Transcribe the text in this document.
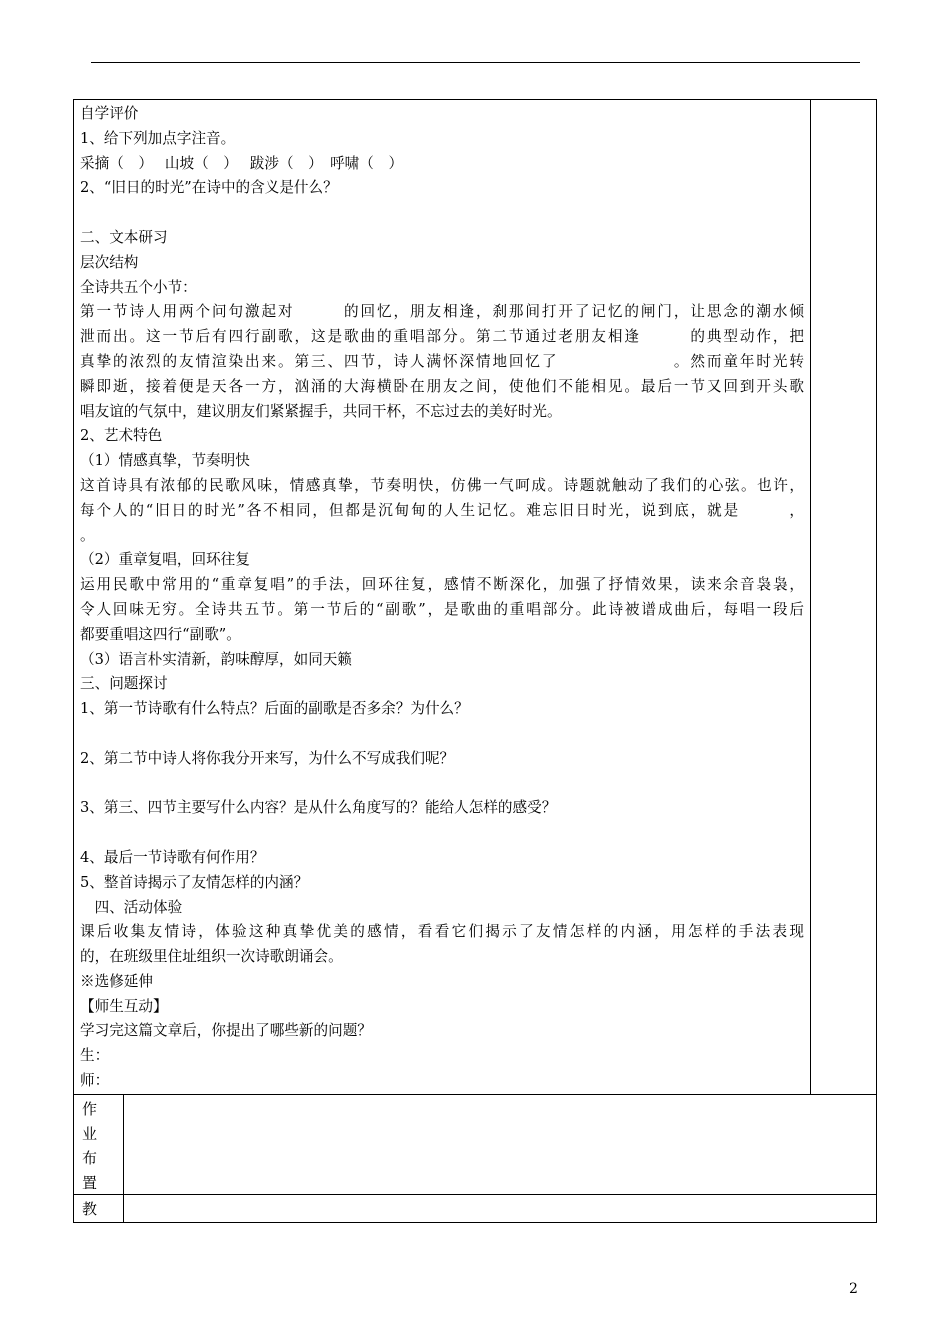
自学评价
1、给下列加点字注音。
采摘（　）　 山坡（　）　 跋涉（　）　呼啸（　）
2、“旧日的时光”在诗中的含义是什么？
二、文本研习
层次结构
全诗共五个小节：
第一节诗人用两个问句激起对　　　的回忆，朋友相逢，刹那间打开了记忆的闸门，让思念的潮水倾
泄而出。这一节后有四行副歌，这是歌曲的重唱部分。第二节通过老朋友相逢　　　的典型动作，把
真挚的浓烈的友情渲染出来。第三、四节，诗人满怀深情地回忆了　　　　　　　。然而童年时光转
瞬即逝，接着便是天各一方，汹涌的大海横卧在朋友之间，使他们不能相见。最后一节又回到开头歌
唱友谊的气氛中，建议朋友们紧紧握手，共同干杯，不忘过去的美好时光。
2、艺术特色
（1）情感真挚，节奏明快
这首诗具有浓郁的民歌风味，情感真挚，节奏明快，仿佛一气呵成。诗题就触动了我们的心弦。也许，
每个人的“旧日的时光”各不相同，但都是沉甸甸的人生记忆。难忘旧日时光，说到底，就是　　　，
。
（2）重章复唱，回环往复
运用民歌中常用的“重章复唱”的手法，回环往复，感情不断深化，加强了抒情效果，读来余音袅袅，
令人回味无穷。全诗共五节。第一节后的“副歌”，是歌曲的重唱部分。此诗被谱成曲后，每唱一段后
都要重唱这四行“副歌”。
（3）语言朴实清新，韵味醇厚，如同天籁
三、问题探讨
1、第一节诗歌有什么特点？后面的副歌是否多余？为什么？
2、第二节中诗人将你我分开来写，为什么不写成我们呢？
3、第三、四节主要写什么内容？是从什么角度写的？能给人怎样的感受？
4、最后一节诗歌有何作用？
5、整首诗揭示了友情怎样的内涵？
　四、活动体验
课后收集友情诗，体验这种真挚优美的感情，看看它们揭示了友情怎样的内涵，用怎样的手法表现
的，在班级里住址组织一次诗歌朗诵会。
※选修延伸
【师生互动】
学习完这篇文章后，你提出了哪些新的问题？
生：
师：
作
业
布
置
教
2
